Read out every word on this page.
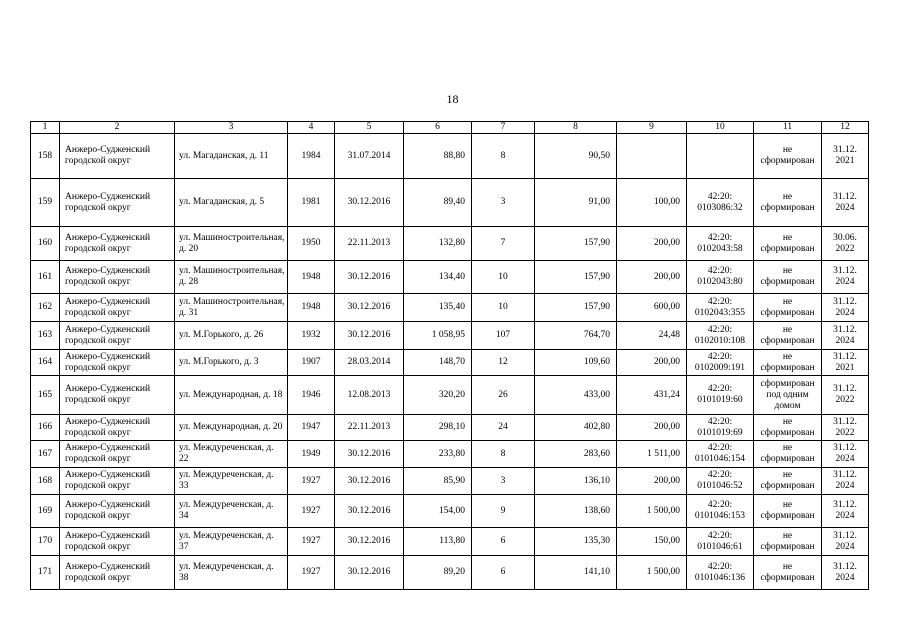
18
1	2	3	4	5	6	7	8	9	10	11	12
158	Анжеро-Судженский городской округ	ул. Магаданская, д. 11	1984	31.07.2014	88,80	8	90,50			не сформирован	31.12. 2021
159	Анжеро-Судженский городской округ	ул. Магаданская, д. 5	1981	30.12.2016	89,40	3	91,00	100,00	42:20: 0103086:32	не сформирован	31.12. 2024
160	Анжеро-Судженский городской округ	ул. Машиностроительная, д. 20	1950	22.11.2013	132,80	7	157,90	200,00	42:20: 0102043:58	не сформирован	30.06. 2022
161	Анжеро-Судженский городской округ	ул. Машиностроительная, д. 28	1948	30.12.2016	134,40	10	157,90	200,00	42:20: 0102043:80	не сформирован	31.12. 2024
162	Анжеро-Судженский городской округ	ул. Машиностроительная, д. 31	1948	30.12.2016	135,40	10	157,90	600,00	42:20: 0102043:355	не сформирован	31.12. 2024
163	Анжеро-Судженский городской округ	ул. М.Горького, д. 26	1932	30.12.2016	1 058,95	107	764,70	24,48	42:20: 0102010:108	не сформирован	31.12. 2024
164	Анжеро-Судженский городской округ	ул. М.Горького, д. 3	1907	28.03.2014	148,70	12	109,60	200,00	42:20: 0102009:191	не сформирован	31.12. 2021
165	Анжеро-Судженский городской округ	ул. Международная, д. 18	1946	12.08.2013	320,20	26	433,00	431,24	42:20: 0101019:60	сформирован под одним домом	31.12. 2022
166	Анжеро-Судженский городской округ	ул. Международная, д. 20	1947	22.11.2013	298,10	24	402,80	200,00	42:20: 0101019:69	не сформирован	31.12. 2022
167	Анжеро-Судженский городской округ	ул. Междуреченская, д. 22	1949	30.12.2016	233,80	8	283,60	1 511,00	42:20: 0101046:154	не сформирован	31.12. 2024
168	Анжеро-Судженский городской округ	ул. Междуреченская, д. 33	1927	30.12.2016	85,90	3	136,10	200,00	42:20: 0101046:52	не сформирован	31.12. 2024
169	Анжеро-Судженский городской округ	ул. Междуреченская, д. 34	1927	30.12.2016	154,00	9	138,60	1 500,00	42:20: 0101046:153	не сформирован	31.12. 2024
170	Анжеро-Судженский городской округ	ул. Междуреченская, д. 37	1927	30.12.2016	113,80	6	135,30	150,00	42:20: 0101046:61	не сформирован	31.12. 2024
171	Анжеро-Судженский городской округ	ул. Междуреченская, д. 38	1927	30.12.2016	89,20	6	141,10	1 500,00	42:20: 0101046:136	не сформирован	31.12. 2024
